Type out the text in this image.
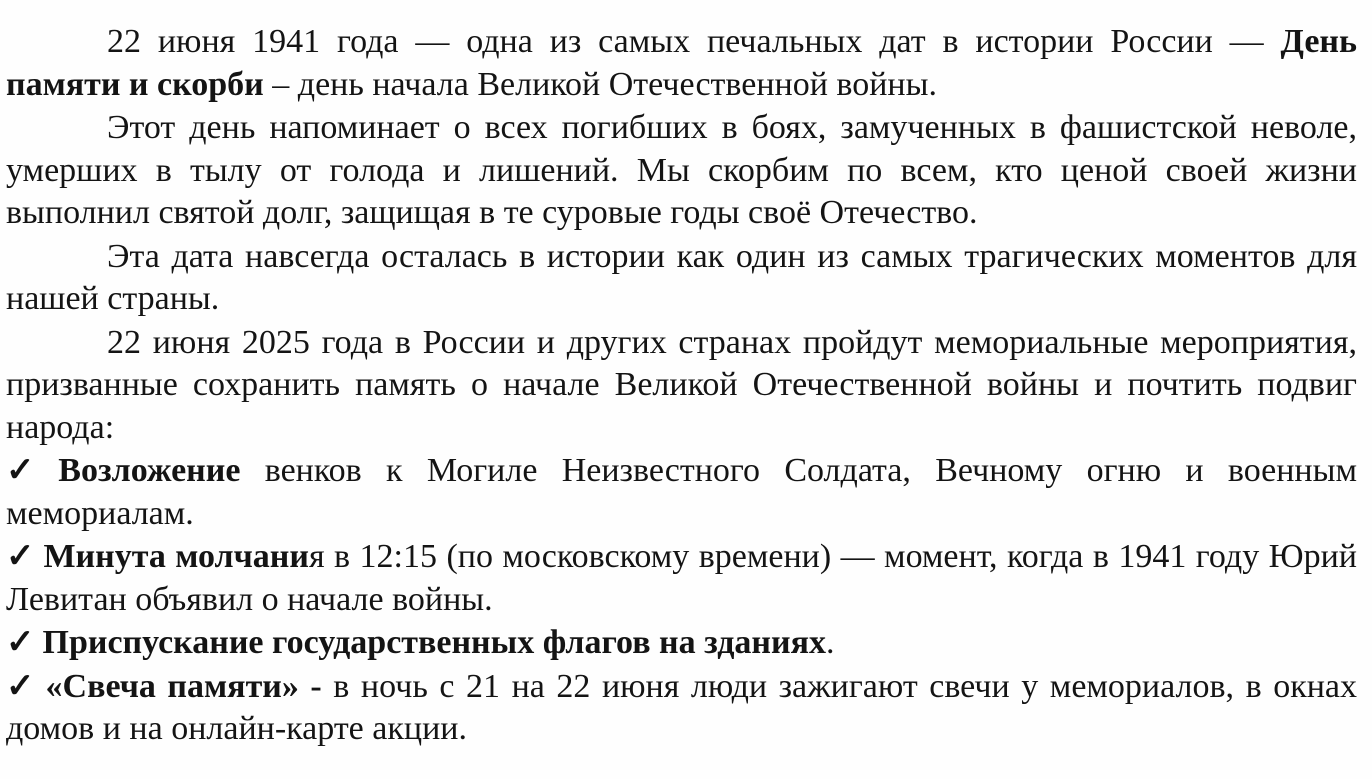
22 июня 1941 года — одна из самых печальных дат в истории России — День памяти и скорби – день начала Великой Отечественной войны.

Этот день напоминает о всех погибших в боях, замученных в фашистской неволе, умерших в тылу от голода и лишений. Мы скорбим по всем, кто ценой своей жизни выполнил святой долг, защищая в те суровые годы своё Отечество.

Эта дата навсегда осталась в истории как один из самых трагических моментов для нашей страны.

22 июня 2025 года в России и других странах пройдут мемориальные мероприятия, призванные сохранить память о начале Великой Отечественной войны и почтить подвиг народа:

✓ Возложение венков к Могиле Неизвестного Солдата, Вечному огню и военным мемориалам.

✓ Минута молчания в 12:15 (по московскому времени) — момент, когда в 1941 году Юрий Левитан объявил о начале войны.

✓ Приспускание государственных флагов на зданиях.

✓ «Свеча памяти» - в ночь с 21 на 22 июня люди зажигают свечи у мемориалов, в окнах домов и на онлайн-карте акции.
